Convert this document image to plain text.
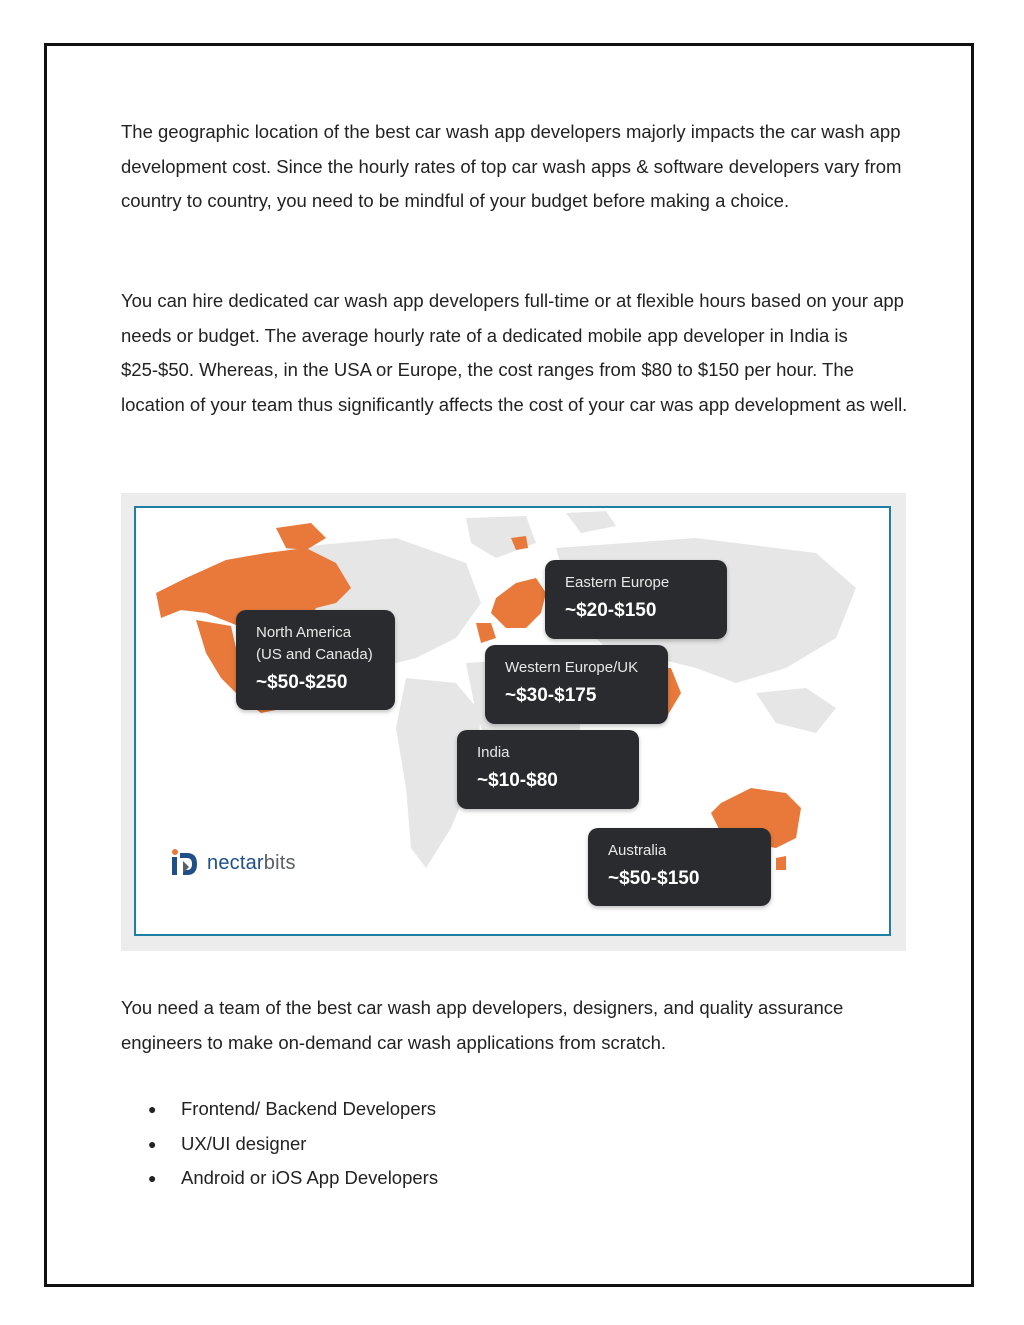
The geographic location of the best car wash app developers majorly impacts the car wash app development cost. Since the hourly rates of top car wash apps & software developers vary from country to country, you need to be mindful of your budget before making a choice.

You can hire dedicated car wash app developers full-time or at flexible hours based on your app needs or budget. The average hourly rate of a dedicated mobile app developer in India is $25-$50. Whereas, in the USA or Europe, the cost ranges from $80 to $150 per hour. The location of your team thus significantly affects the cost of your car was app development as well.

North America
(US and Canada)
~$50-$250
Eastern Europe
~$20-$150
Western Europe/UK
~$30-$175
India
~$10-$80
Australia
~$50-$150
nectarbits

You need a team of the best car wash app developers, designers, and quality assurance engineers to make on-demand car wash applications from scratch.

● Frontend/ Backend Developers
● UX/UI designer
● Android or iOS App Developers
